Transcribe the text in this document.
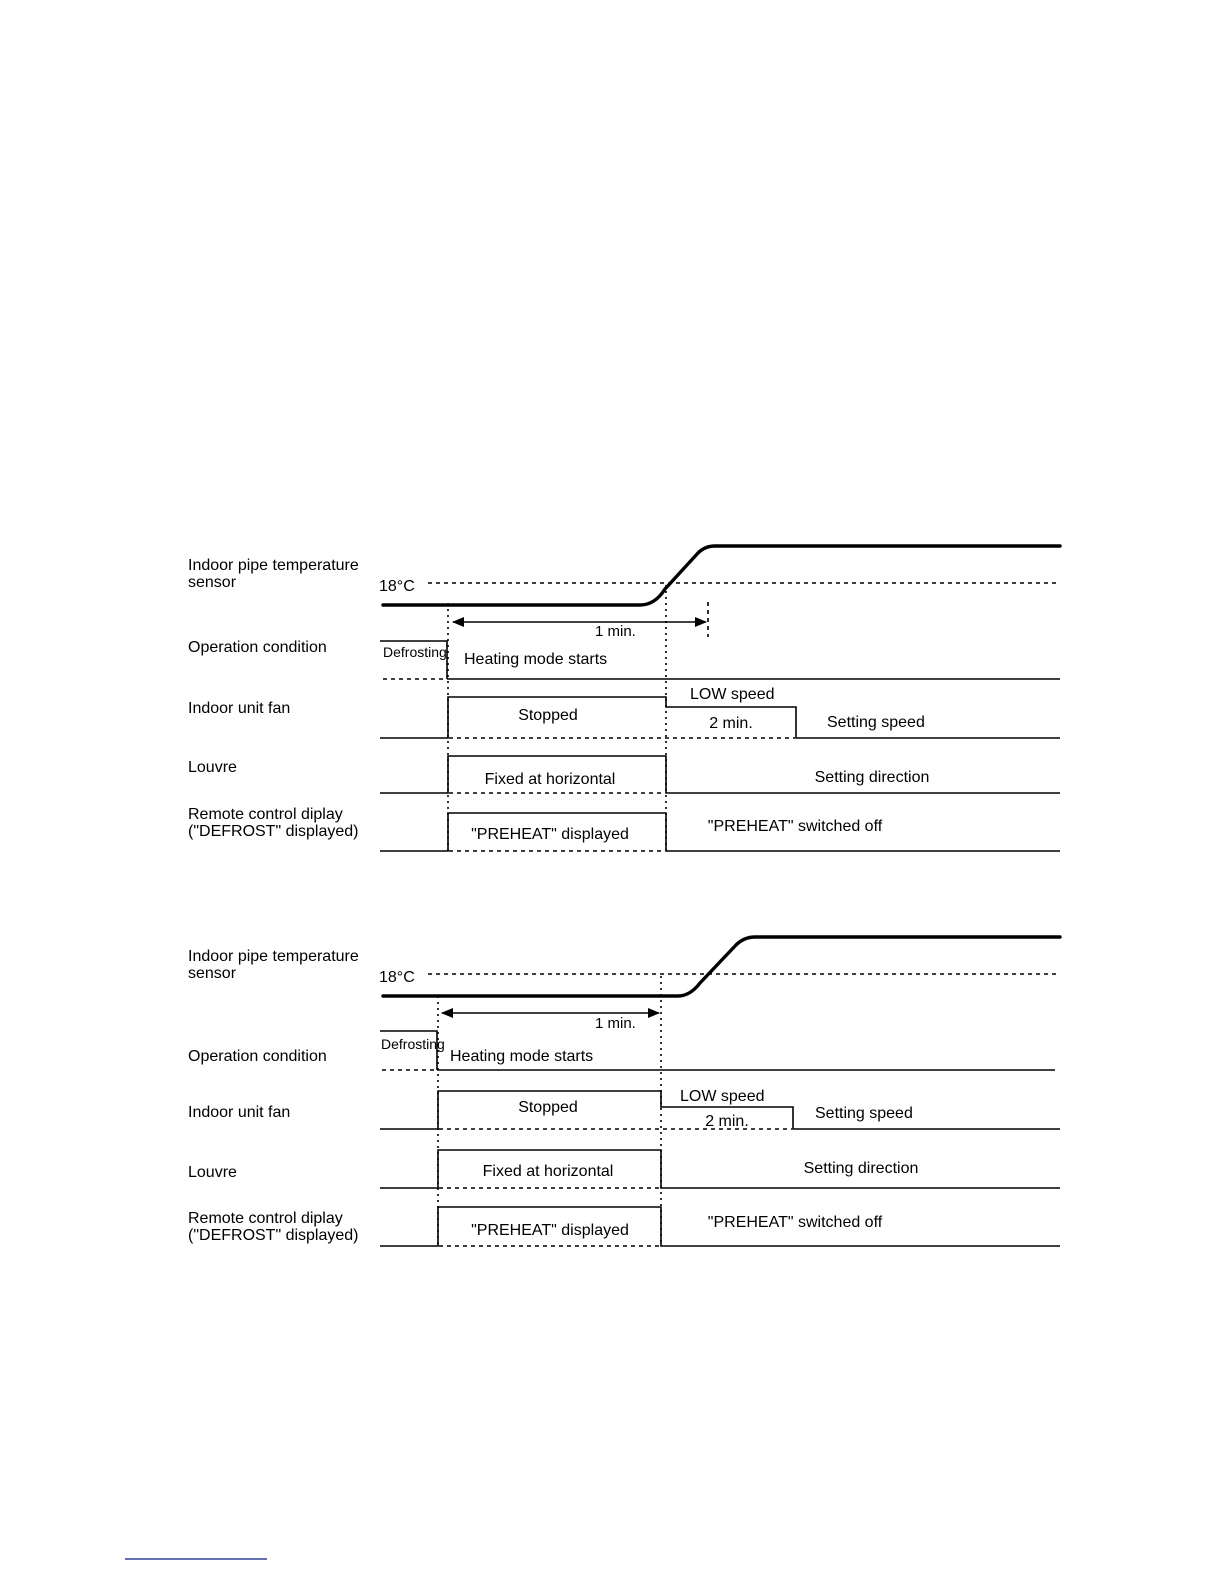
Indoor pipe temperature
sensor
Operation condition
Indoor unit fan
Louvre
Remote control diplay
("DEFROST" displayed)
18°C
1 min.
Defrosting Heating mode starts
Stopped
LOW speed
2 min.	Setting speed
Fixed at horizontal	Setting direction
"PREHEAT" displayed	"PREHEAT" switched off
Indoor pipe temperature
sensor
Operation condition
Indoor unit fan
Louvre
Remote control diplay
("DEFROST" displayed)
18°C
1 min.
Defrosting
Heating mode starts
Stopped
LOW speed
2 min.	Setting speed
Fixed at horizontal	Setting direction
"PREHEAT" displayed	"PREHEAT" switched off
